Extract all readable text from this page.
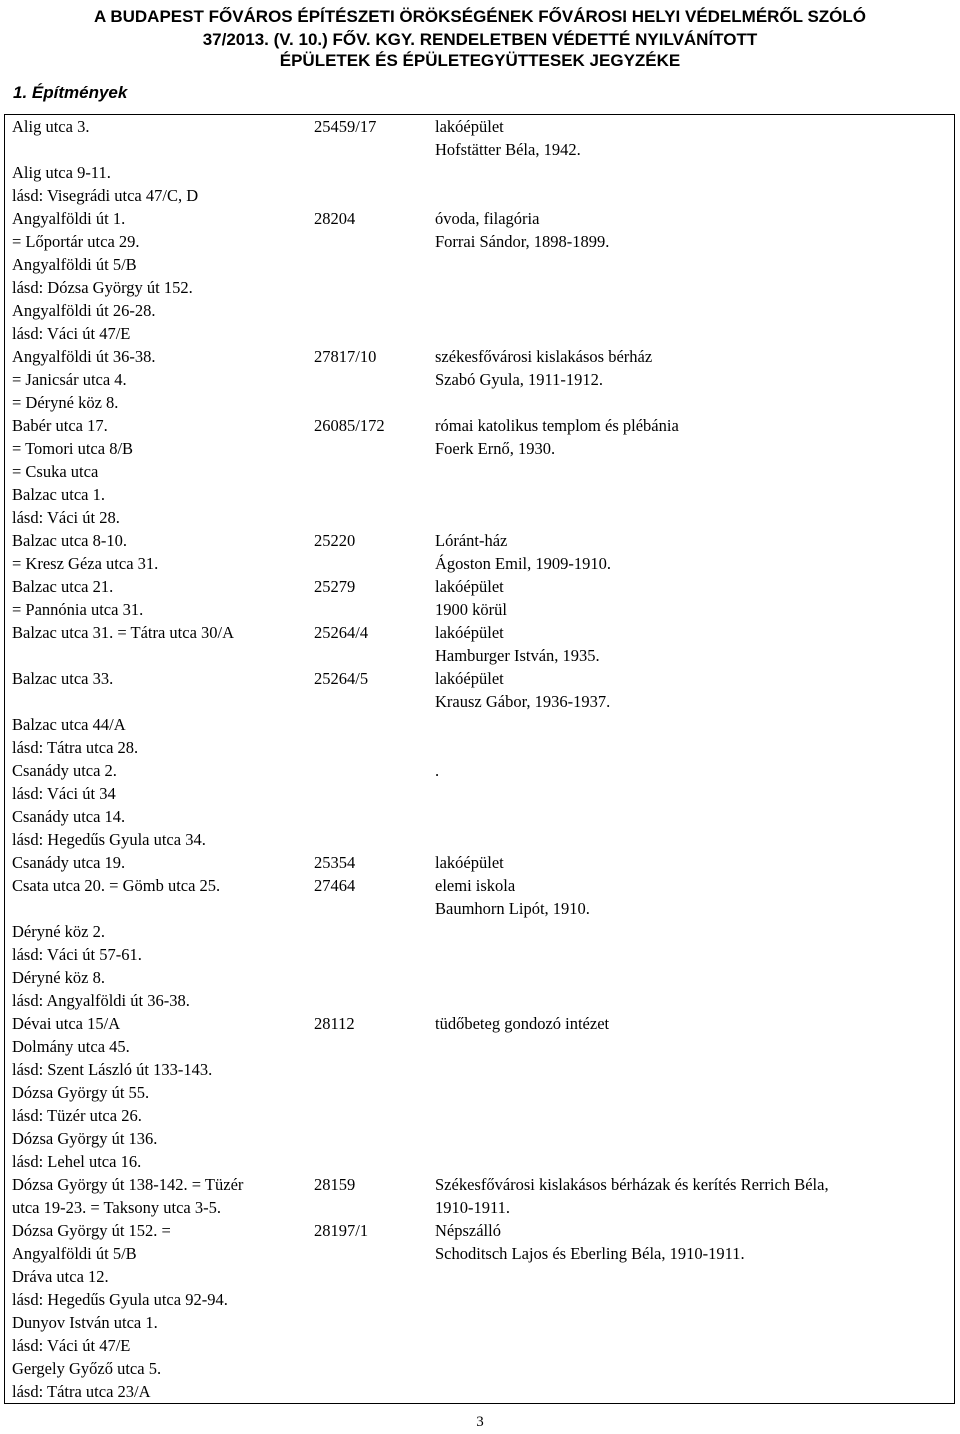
A BUDAPEST FŐVÁROS ÉPÍTÉSZETI ÖRÖKSÉGÉNEK FŐVÁROSI HELYI VÉDELMÉRŐL SZÓLÓ
37/2013. (V. 10.) FŐV. KGY. RENDELETBEN VÉDETTÉ NYILVÁNÍTOTT
ÉPÜLETEK ÉS ÉPÜLETEGYÜTTESEK JEGYZÉKE
1. Építmények
Alig utca 3.	25459/17	lakóépület
Hofstätter Béla, 1942.
Alig utca 9-11.
lásd: Visegrádi utca 47/C, D
Angyalföldi út 1.
= Lőportár utca 29.
28204	óvoda, filagória
Forrai Sándor, 1898-1899.
Angyalföldi út 5/B
lásd: Dózsa György út 152.
Angyalföldi út 26-28.
lásd: Váci út 47/E
Angyalföldi út 36-38.
= Janicsár utca 4.
= Déryné köz 8.
27817/10	székesfővárosi kislakásos bérház
Szabó Gyula, 1911-1912.
Babér utca 17.
= Tomori utca 8/B
= Csuka utca
26085/172	római katolikus templom és plébánia
Foerk Ernő, 1930.
Balzac utca 1.
lásd: Váci út 28.
Balzac utca 8-10.
= Kresz Géza utca 31.
25220	Lóránt-ház
Ágoston Emil, 1909-1910.
Balzac utca 21.
= Pannónia utca 31.
25279	lakóépület
1900 körül
Balzac utca 31. = Tátra utca 30/A	25264/4	lakóépület
Hamburger István, 1935.
Balzac utca 33.	25264/5	lakóépület
Krausz Gábor, 1936-1937.
Balzac utca 44/A
lásd: Tátra utca 28.
Csanády utca 2.
lásd: Váci út 34
.
Csanády utca 14.
lásd: Hegedűs Gyula utca 34.
Csanády utca 19.	25354	lakóépület
Csata utca 20. = Gömb utca 25.	27464	elemi iskola
Baumhorn Lipót, 1910.
Déryné köz 2.
lásd: Váci út 57-61.
Déryné köz 8.
lásd: Angyalföldi út 36-38.
Dévai utca 15/A	28112	tüdőbeteg gondozó intézet
Dolmány utca 45.
lásd: Szent László út 133-143.
Dózsa György út 55.
lásd: Tüzér utca 26.
Dózsa György út 136.
lásd: Lehel utca 16.
Dózsa György út 138-142. = Tüzér
utca 19-23. = Taksony utca 3-5.
28159	Székesfővárosi kislakásos bérházak és kerítés Rerrich Béla,
1910-1911.
Dózsa György út 152. =
Angyalföldi út 5/B
28197/1	Népszálló
Schoditsch Lajos és Eberling Béla, 1910-1911.
Dráva utca 12.
lásd: Hegedűs Gyula utca 92-94.
Dunyov István utca 1.
lásd: Váci út 47/E
Gergely Győző utca 5.
lásd: Tátra utca 23/A
3
